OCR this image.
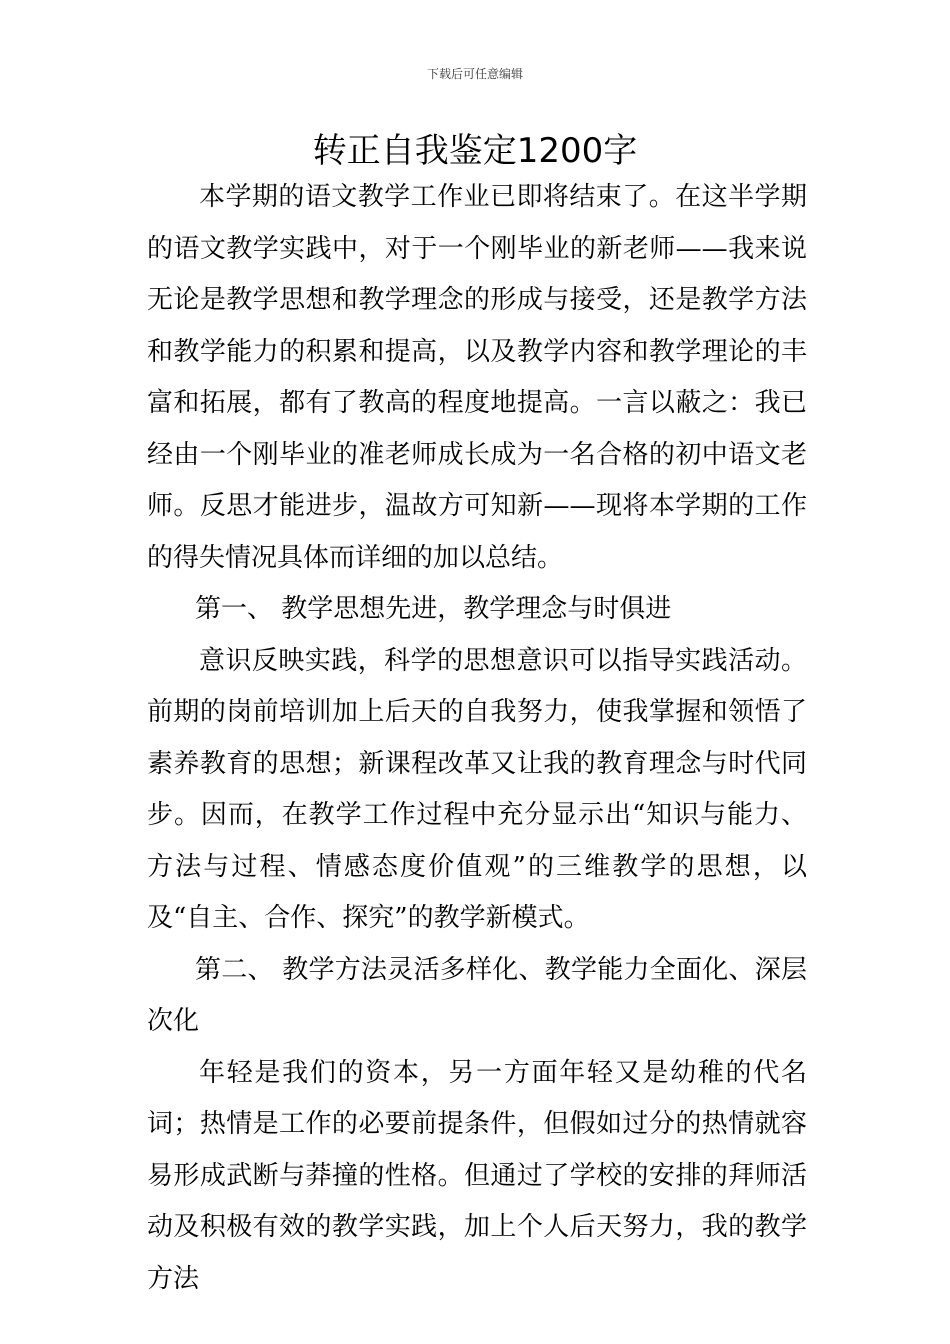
下载后可任意编辑
转正自我鉴定1200字

本学期的语文教学工作业已即将结束了。在这半学期的语文教学实践中，对于一个刚毕业的新老师——我来说无论是教学思想和教学理念的形成与接受，还是教学方法和教学能力的积累和提高，以及教学内容和教学理论的丰富和拓展，都有了教高的程度地提高。一言以蔽之：我已经由一个刚毕业的准老师成长成为一名合格的初中语文老师。反思才能进步，温故方可知新——现将本学期的工作的得失情况具体而详细的加以总结。

第一、 教学思想先进，教学理念与时俱进

意识反映实践，科学的思想意识可以指导实践活动。前期的岗前培训加上后天的自我努力，使我掌握和领悟了素养教育的思想；新课程改革又让我的教育理念与时代同步。因而，在教学工作过程中充分显示出“知识与能力、方法与过程、情感态度价值观”的三维教学的思想，以及“自主、合作、探究”的教学新模式。

第二、 教学方法灵活多样化、教学能力全面化、深层次化

年轻是我们的资本，另一方面年轻又是幼稚的代名词；热情是工作的必要前提条件，但假如过分的热情就容易形成武断与莽撞的性格。但通过了学校的安排的拜师活动及积极有效的教学实践，加上个人后天努力，我的教学方法
